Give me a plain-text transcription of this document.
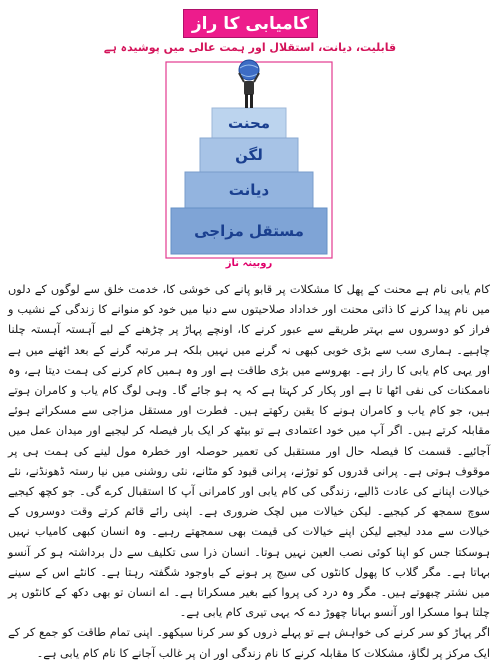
کامیابی کا راز
قابلیت، دیانت، استقلال اور ہمت عالی میں پوشیدہ ہے
محنت
لگن
دیانت
مستقل مزاجی
روبینہ ناز

کام یابی نام ہے محنت کے پھل کا مشکلات پر قابو پانے کی خوشی کا، خدمت خلق سے لوگوں کے دلوں میں نام پیدا کرنے کا ذاتی محنت اور خداداد صلاحیتوں سے دنیا میں خود کو منوانے کا زندگی کے نشیب و فراز کو دوسروں سے بہتر طریقے سے عبور کرنے کا، اونچے پہاڑ پر چڑھنے کے لیے آہستہ آہستہ چلنا چاہیے۔ ہماری سب سے بڑی خوبی کبھی نہ گرنے میں نہیں بلکہ ہر مرتبہ گرنے کے بعد اٹھنے میں ہے اور یہی کام یابی کا راز ہے۔ بھروسے میں بڑی طاقت ہے اور وہ ہمیں کام کرنے کی ہمت دیتا ہے، وہ ناممکنات کی نفی اٹھا تا ہے اور پکار کر کہتا ہے کہ یہ ہو جائے گا۔ وہی لوگ کام یاب و کامران ہوتے ہیں، جو کام یاب و کامران ہونے کا یقین رکھتے ہیں۔ فطرت اور مستقل مزاجی سے مسکراتے ہوئے مقابلہ کرتے ہیں۔ اگر آپ میں خود اعتمادی ہے تو بیٹھ کر ایک بار فیصلہ کر لیجیے اور میدان عمل میں آجائیے۔ قسمت کا فیصلہ حال اور مستقبل کی تعمیر حوصلہ اور خطرہ مول لینے کی ہمت ہی پر موقوف ہوتی ہے۔ پرانی قدروں کو توڑنے، پرانی قیود کو مٹانے، نئی روشنی میں نیا رستہ ڈھونڈنے، نئے خیالات اپنانے کی عادت ڈالیے، زندگی کی کام یابی اور کامرانی آپ کا استقبال کرے گی۔ جو کچھ کیجیے سوچ سمجھ کر کیجیے۔ لیکن خیالات میں لچک ضروری ہے۔ اپنی رائے قائم کرتے وقت دوسروں کے خیالات سے مدد لیجیے لیکن اپنے خیالات کی قیمت بھی سمجھتے رہیے۔ وہ انسان کبھی کامیاب نہیں ہوسکتا جس کو اپنا کوئی نصب العین نہیں ہوتا۔ انسان ذرا سی تکلیف سے دل برداشتہ ہو کر آنسو بہاتا ہے۔ مگر گلاب کا پھول کانٹوں کی سیج پر ہونے کے باوجود شگفتہ رہتا ہے۔ کانٹے اس کے سینے میں نشتر چبھوتے ہیں۔ مگر وہ درد کی پروا کیے بغیر مسکراتا ہے۔ اے انسان تو بھی دکھ کے کانٹوں پر چلتا ہوا مسکرا اور آنسو بہانا چھوڑ دے کہ یہی تیری کام یابی ہے۔

اگر پہاڑ کو سر کرنے کی خواہش ہے تو پہلے ذروں کو سر کرنا سیکھو۔ اپنی تمام طاقت کو جمع کر کے ایک مرکز پر لگاؤ، مشکلات کا مقابلہ کرنے کا نام زندگی اور ان پر غالب آجانے کا نام کام یابی ہے۔
